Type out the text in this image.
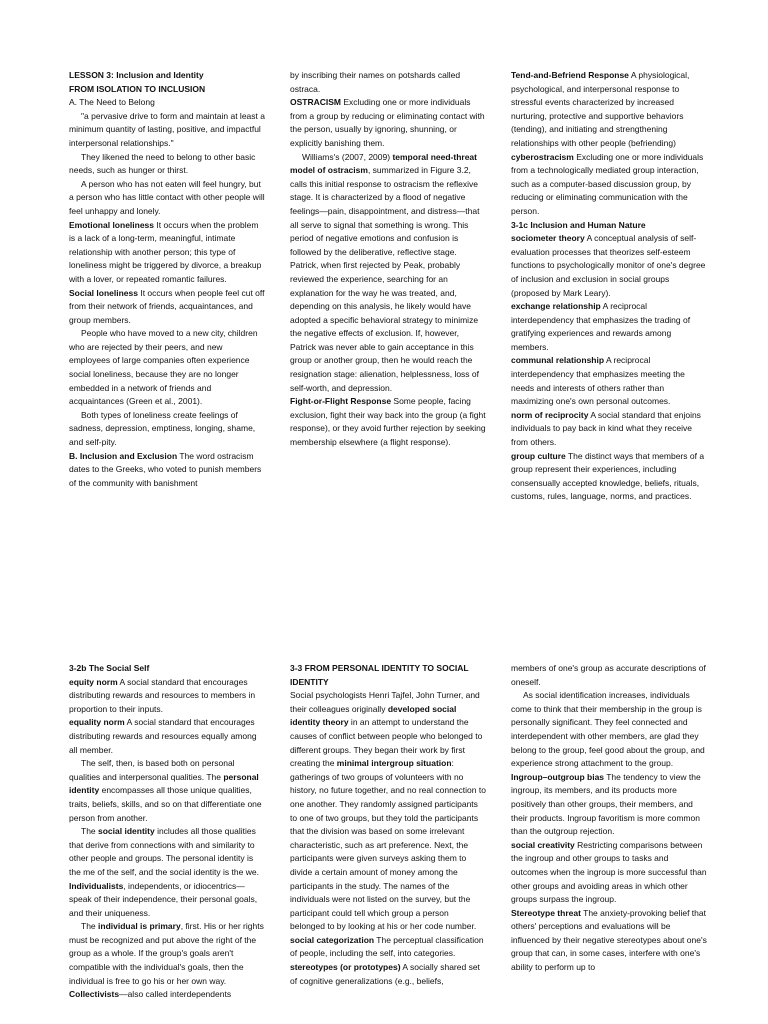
LESSON 3: Inclusion and Identity

FROM ISOLATION TO INCLUSION

A. The Need to Belong

"a pervasive drive to form and maintain at least a minimum quantity of lasting, positive, and impactful interpersonal relationships."

They likened the need to belong to other basic needs, such as hunger or thirst.

A person who has not eaten will feel hungry, but a person who has little contact with other people will feel unhappy and lonely.

Emotional loneliness It occurs when the problem is a lack of a long-term, meaningful, intimate relationship with another person; this type of loneliness might be triggered by divorce, a breakup with a lover, or repeated romantic failures.

Social loneliness It occurs when people feel cut off from their network of friends, acquaintances, and group members.

People who have moved to a new city, children who are rejected by their peers, and new employees of large companies often experience social loneliness, because they are no longer embedded in a network of friends and acquaintances (Green et al., 2001).

Both types of loneliness create feelings of sadness, depression, emptiness, longing, shame, and self-pity.

B. Inclusion and Exclusion The word ostracism dates to the Greeks, who voted to punish members of the community with banishment

by inscribing their names on potshards called ostraca.

OSTRACISM Excluding one or more individuals from a group by reducing or eliminating contact with the person, usually by ignoring, shunning, or explicitly banishing them.

Williams's (2007, 2009) temporal need-threat model of ostracism, summarized in Figure 3.2, calls this initial response to ostracism the reflexive stage. It is characterized by a flood of negative feelings—pain, disappointment, and distress—that all serve to signal that something is wrong. This period of negative emotions and confusion is followed by the deliberative, reflective stage. Patrick, when first rejected by Peak, probably reviewed the experience, searching for an explanation for the way he was treated, and, depending on this analysis, he likely would have adopted a specific behavioral strategy to minimize the negative effects of exclusion. If, however, Patrick was never able to gain acceptance in this group or another group, then he would reach the resignation stage: alienation, helplessness, loss of self-worth, and depression.

Fight-or-Flight Response Some people, facing exclusion, fight their way back into the group (a fight response), or they avoid further rejection by seeking membership elsewhere (a flight response).

Tend-and-Befriend Response A physiological, psychological, and interpersonal response to stressful events characterized by increased nurturing, protective and supportive behaviors (tending), and initiating and strengthening relationships with other people (befriending)

cyberostracism Excluding one or more individuals from a technologically mediated group interaction, such as a computer-based discussion group, by reducing or eliminating communication with the person.

3-1c Inclusion and Human Nature

sociometer theory A conceptual analysis of self-evaluation processes that theorizes self-esteem functions to psychologically monitor of one's degree of inclusion and exclusion in social groups (proposed by Mark Leary).

exchange relationship A reciprocal interdependency that emphasizes the trading of gratifying experiences and rewards among members.

communal relationship A reciprocal interdependency that emphasizes meeting the needs and interests of others rather than maximizing one's own personal outcomes.

norm of reciprocity A social standard that enjoins individuals to pay back in kind what they receive from others.

group culture The distinct ways that members of a group represent their experiences, including consensually accepted knowledge, beliefs, rituals, customs, rules, language, norms, and practices.

3-2b The Social Self

equity norm A social standard that encourages distributing rewards and resources to members in proportion to their inputs.

equality norm A social standard that encourages distributing rewards and resources equally among all member.

The self, then, is based both on personal qualities and interpersonal qualities. The personal identity encompasses all those unique qualities, traits, beliefs, skills, and so on that differentiate one person from another.

The social identity includes all those qualities that derive from connections with and similarity to other people and groups. The personal identity is the me of the self, and the social identity is the we.

Individualists, independents, or idiocentrics—speak of their independence, their personal goals, and their uniqueness.

The individual is primary, first. His or her rights must be recognized and put above the right of the group as a whole. If the group's goals aren't compatible with the individual's goals, then the individual is free to go his or her own way.

Collectivists—also called interdependents

3-3 FROM PERSONAL IDENTITY TO SOCIAL IDENTITY

Social psychologists Henri Tajfel, John Turner, and their colleagues originally developed social identity theory in an attempt to understand the causes of conflict between people who belonged to different groups. They began their work by first creating the minimal intergroup situation: gatherings of two groups of volunteers with no history, no future together, and no real connection to one another. They randomly assigned participants to one of two groups, but they told the participants that the division was based on some irrelevant characteristic, such as art preference. Next, the participants were given surveys asking them to divide a certain amount of money among the participants in the study. The names of the individuals were not listed on the survey, but the participant could tell which group a person belonged to by looking at his or her code number.

social categorization The perceptual classification of people, including the self, into categories.

stereotypes (or prototypes) A socially shared set of cognitive generalizations (e.g., beliefs,

members of one's group as accurate descriptions of oneself.

As social identification increases, individuals come to think that their membership in the group is personally significant. They feel connected and interdependent with other members, are glad they belong to the group, feel good about the group, and experience strong attachment to the group.

Ingroup–outgroup bias The tendency to view the ingroup, its members, and its products more positively than other groups, their members, and their products. Ingroup favoritism is more common than the outgroup rejection.

social creativity Restricting comparisons between the ingroup and other groups to tasks and outcomes when the ingroup is more successful than other groups and avoiding areas in which other groups surpass the ingroup.

Stereotype threat The anxiety-provoking belief that others' perceptions and evaluations will be influenced by their negative stereotypes about one's group that can, in some cases, interfere with one's ability to perform up to
